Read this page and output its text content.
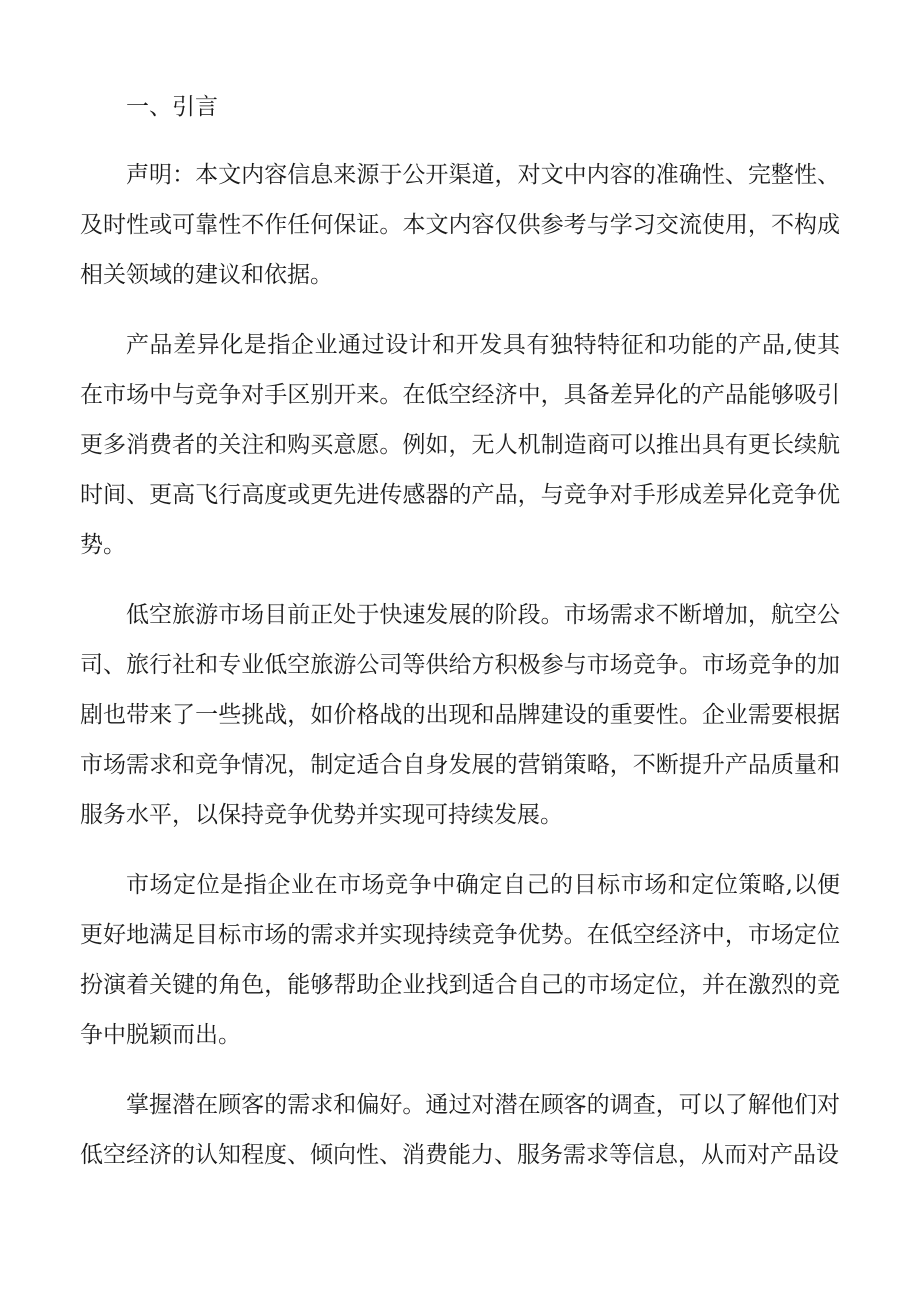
一、引言

声明：本文内容信息来源于公开渠道，对文中内容的准确性、完整性、及时性或可靠性不作任何保证。本文内容仅供参考与学习交流使用，不构成相关领域的建议和依据。

产品差异化是指企业通过设计和开发具有独特特征和功能的产品,使其在市场中与竞争对手区别开来。在低空经济中，具备差异化的产品能够吸引更多消费者的关注和购买意愿。例如，无人机制造商可以推出具有更长续航时间、更高飞行高度或更先进传感器的产品，与竞争对手形成差异化竞争优势。

低空旅游市场目前正处于快速发展的阶段。市场需求不断增加，航空公司、旅行社和专业低空旅游公司等供给方积极参与市场竞争。市场竞争的加剧也带来了一些挑战，如价格战的出现和品牌建设的重要性。企业需要根据市场需求和竞争情况，制定适合自身发展的营销策略，不断提升产品质量和服务水平，以保持竞争优势并实现可持续发展。

市场定位是指企业在市场竞争中确定自己的目标市场和定位策略,以便更好地满足目标市场的需求并实现持续竞争优势。在低空经济中，市场定位扮演着关键的角色，能够帮助企业找到适合自己的市场定位，并在激烈的竞争中脱颖而出。

掌握潜在顾客的需求和偏好。通过对潜在顾客的调查，可以了解他们对低空经济的认知程度、倾向性、消费能力、服务需求等信息，从而对产品设
